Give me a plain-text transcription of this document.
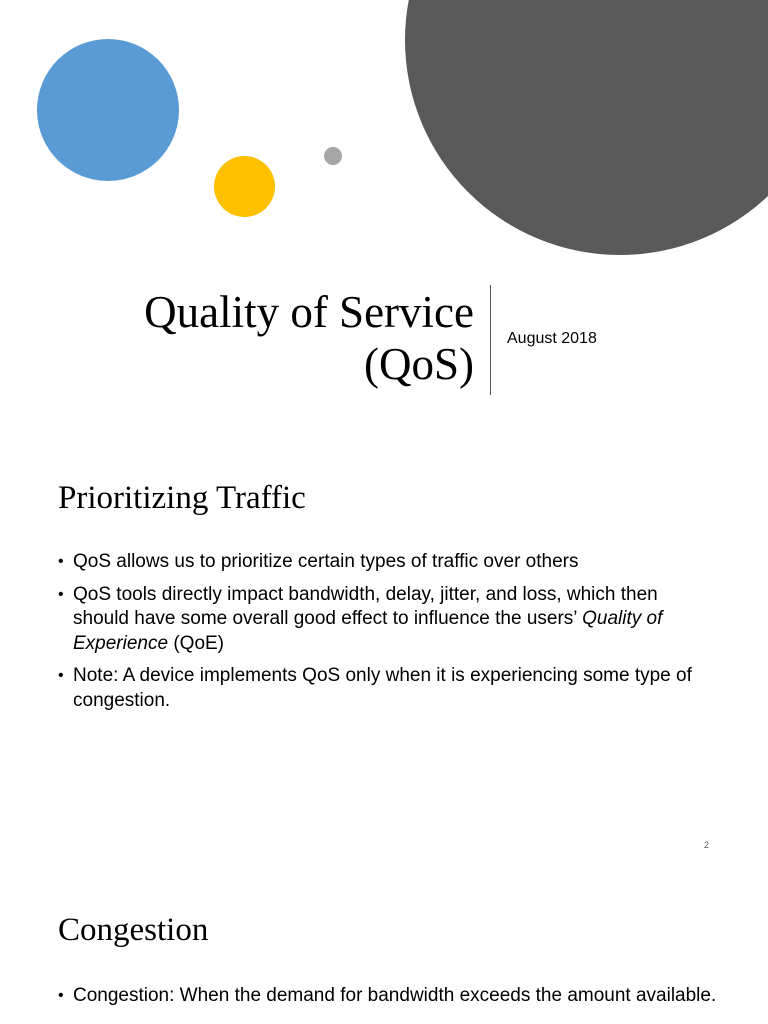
Quality of Service
(QoS)
August 2018
Prioritizing Traffic
• QoS allows us to prioritize certain types of traffic over others
• QoS tools directly impact bandwidth, delay, jitter, and loss, which then should have some overall good effect to influence the users’ Quality of Experience (QoE)
• Note: A device implements QoS only when it is experiencing some type of congestion.
2
Congestion
• Congestion: When the demand for bandwidth exceeds the amount available.
